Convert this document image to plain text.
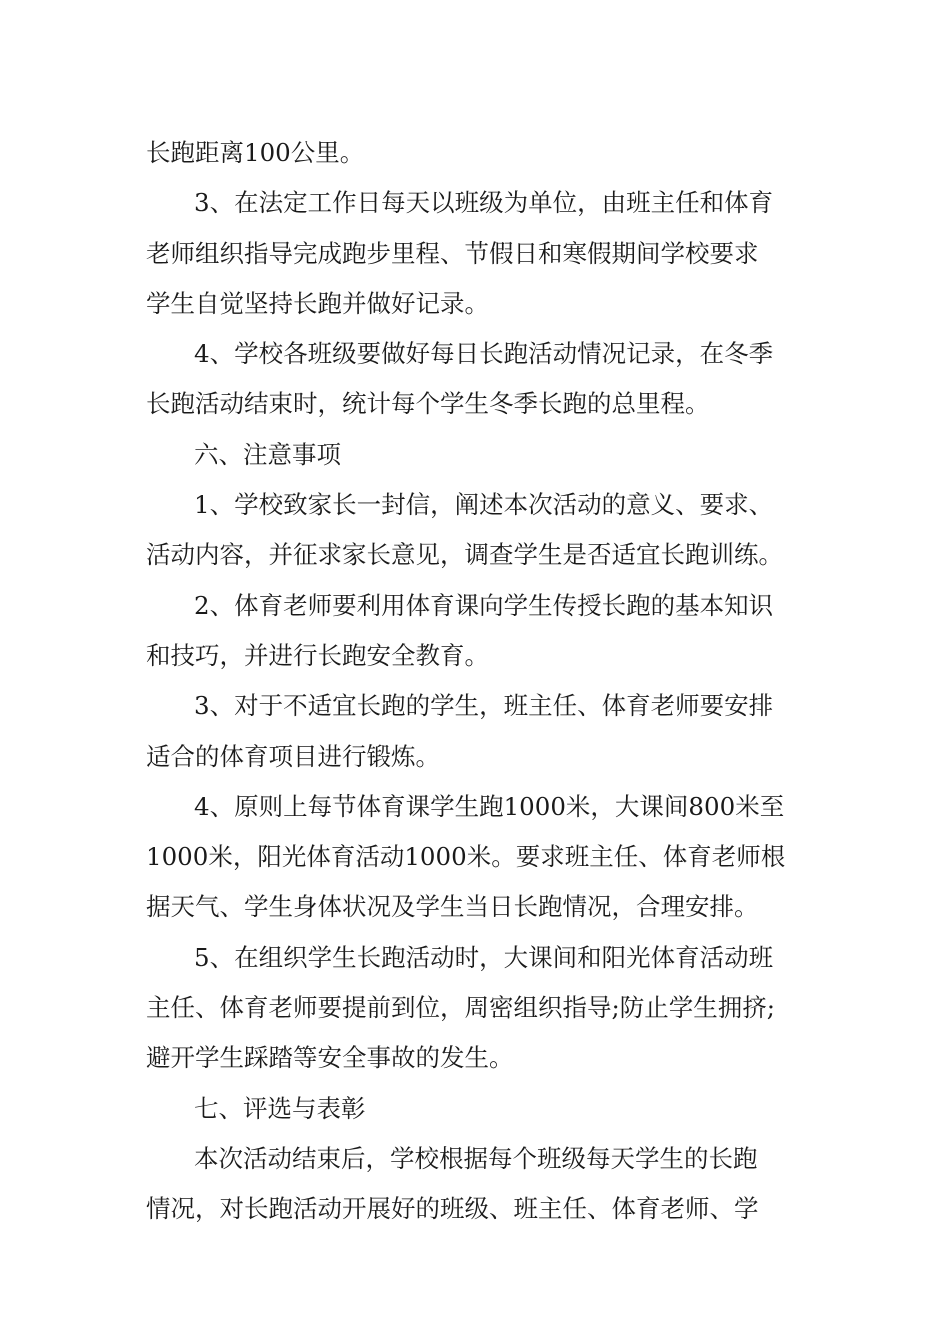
长跑距离100公里。
3、在法定工作日每天以班级为单位，由班主任和体育
老师组织指导完成跑步里程、节假日和寒假期间学校要求
学生自觉坚持长跑并做好记录。
4、学校各班级要做好每日长跑活动情况记录，在冬季
长跑活动结束时，统计每个学生冬季长跑的总里程。
六、注意事项
1、学校致家长一封信，阐述本次活动的意义、要求、
活动内容，并征求家长意见，调查学生是否适宜长跑训练。
2、体育老师要利用体育课向学生传授长跑的基本知识
和技巧，并进行长跑安全教育。
3、对于不适宜长跑的学生，班主任、体育老师要安排
适合的体育项目进行锻炼。
4、原则上每节体育课学生跑1000米，大课间800米至
1000米，阳光体育活动1000米。要求班主任、体育老师根
据天气、学生身体状况及学生当日长跑情况，合理安排。
5、在组织学生长跑活动时，大课间和阳光体育活动班
主任、体育老师要提前到位，周密组织指导;防止学生拥挤;
避开学生踩踏等安全事故的发生。
七、评选与表彰
本次活动结束后，学校根据每个班级每天学生的长跑
情况，对长跑活动开展好的班级、班主任、体育老师、学
